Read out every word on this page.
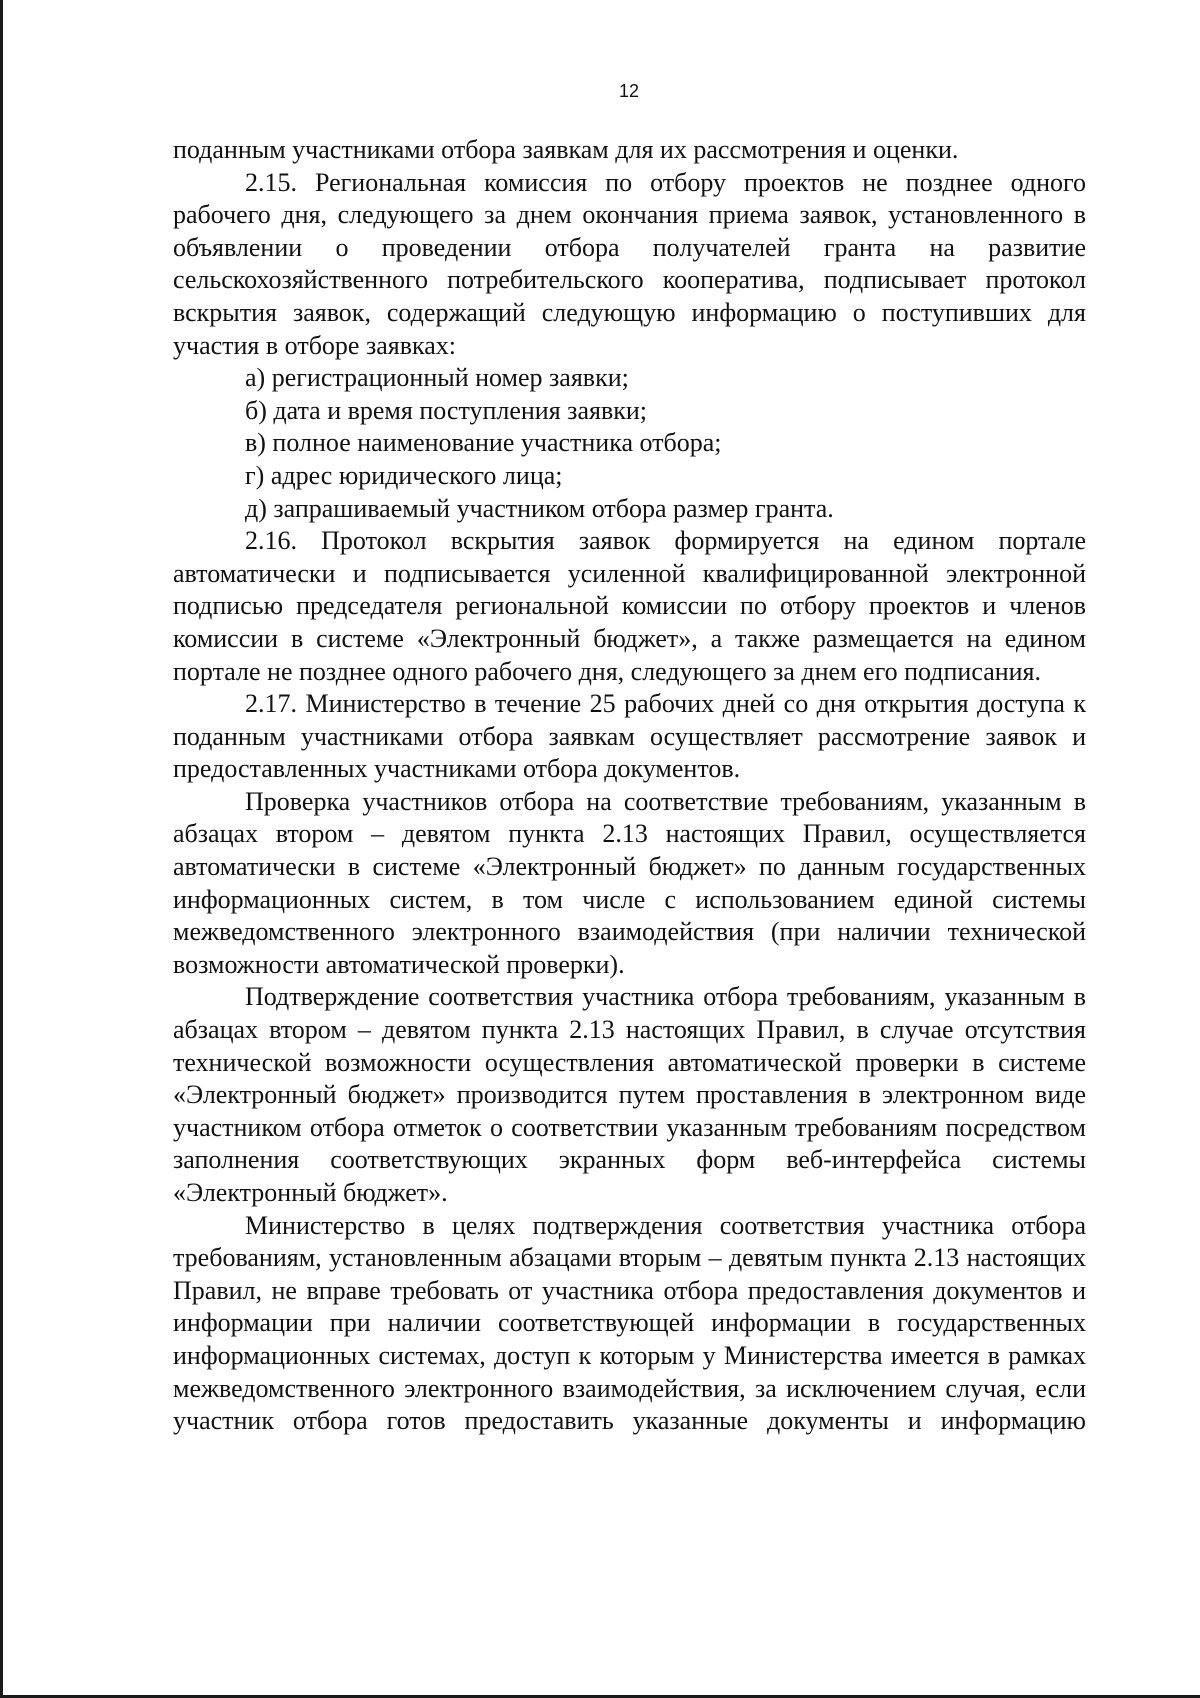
12

поданным участниками отбора заявкам для их рассмотрения и оценки.

2.15. Региональная комиссия по отбору проектов не позднее одного рабочего дня, следующего за днем окончания приема заявок, установленного в объявлении о проведении отбора получателей гранта на развитие сельскохозяйственного потребительского кооператива, подписывает протокол вскрытия заявок, содержащий следующую информацию о поступивших для участия в отборе заявках:

а) регистрационный номер заявки;

б) дата и время поступления заявки;

в) полное наименование участника отбора;

г) адрес юридического лица;

д) запрашиваемый участником отбора размер гранта.

2.16. Протокол вскрытия заявок формируется на едином портале автоматически и подписывается усиленной квалифицированной электронной подписью председателя региональной комиссии по отбору проектов и членов комиссии в системе «Электронный бюджет», а также размещается на едином портале не позднее одного рабочего дня, следующего за днем его подписания.

2.17. Министерство в течение 25 рабочих дней со дня открытия доступа к поданным участниками отбора заявкам осуществляет рассмотрение заявок и предоставленных участниками отбора документов.

Проверка участников отбора на соответствие требованиям, указанным в абзацах втором – девятом пункта 2.13 настоящих Правил, осуществляется автоматически в системе «Электронный бюджет» по данным государственных информационных систем, в том числе с использованием единой системы межведомственного электронного взаимодействия (при наличии технической возможности автоматической проверки).

Подтверждение соответствия участника отбора требованиям, указанным в абзацах втором – девятом пункта 2.13 настоящих Правил, в случае отсутствия технической возможности осуществления автоматической проверки в системе «Электронный бюджет» производится путем проставления в электронном виде участником отбора отметок о соответствии указанным требованиям посредством заполнения соответствующих экранных форм веб-интерфейса системы «Электронный бюджет».

Министерство в целях подтверждения соответствия участника отбора требованиям, установленным абзацами вторым – девятым пункта 2.13 настоящих Правил, не вправе требовать от участника отбора предоставления документов и информации при наличии соответствующей информации в государственных информационных системах, доступ к которым у Министерства имеется в рамках межведомственного электронного взаимодействия, за исключением случая, если участник отбора готов предоставить указанные документы и информацию
